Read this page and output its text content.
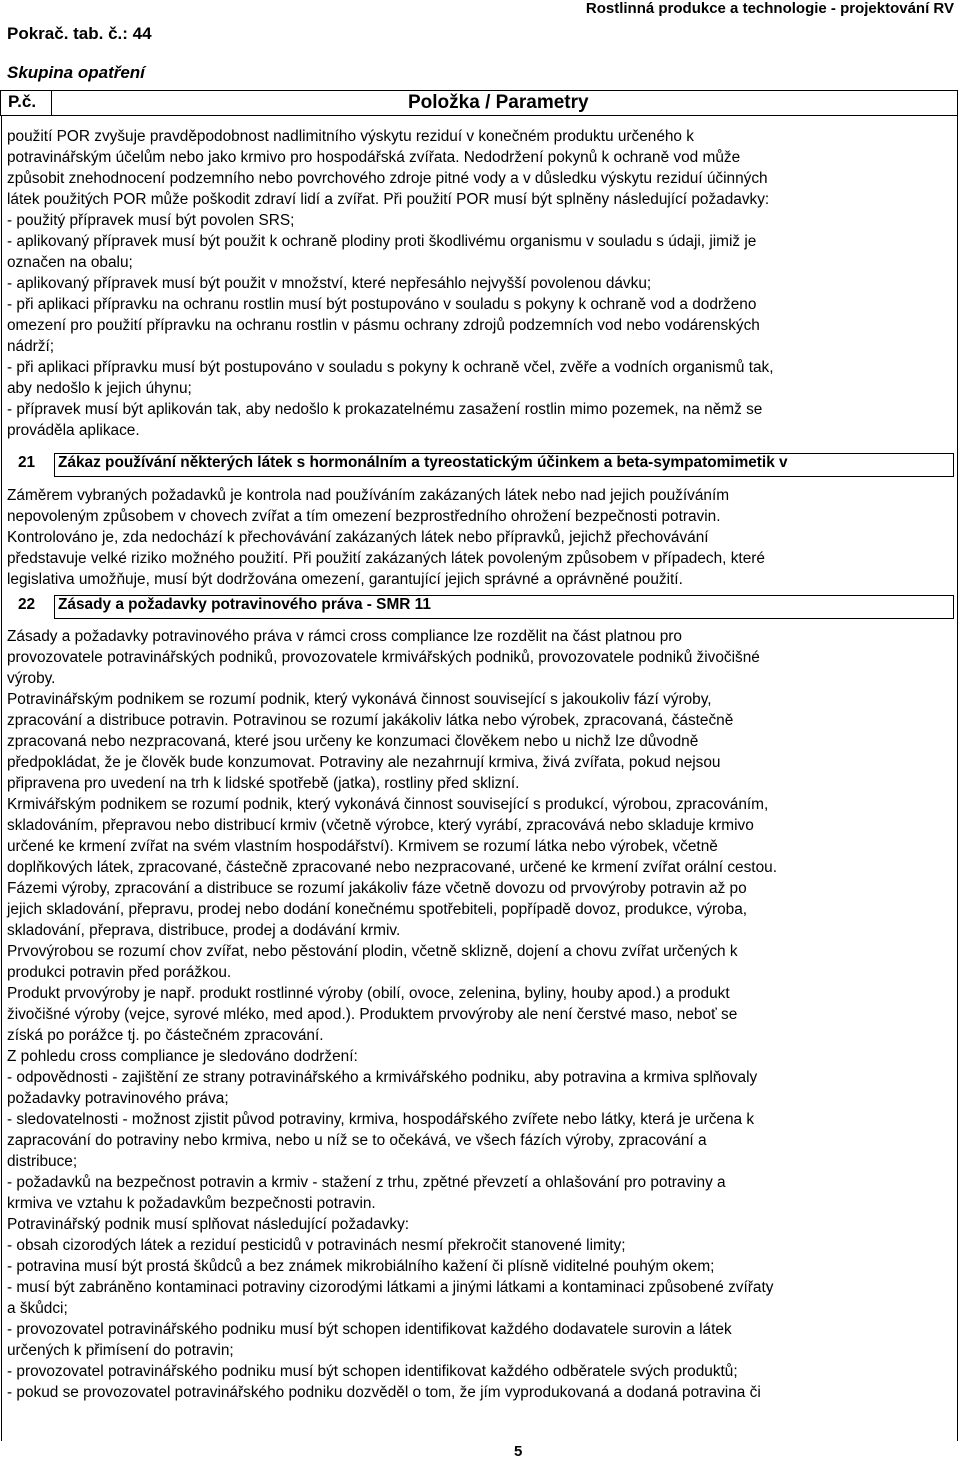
Rostlinná produkce a technologie - projektování RV
Pokrač. tab. č.: 44
Skupina opatření
P.č.	Položka / Parametry

použití POR zvyšuje pravděpodobnost nadlimitního výskytu reziduí v konečném produktu určeného k

potravinářským účelům nebo jako krmivo pro hospodářská zvířata. Nedodržení pokynů k ochraně vod může

způsobit znehodnocení podzemního nebo povrchového zdroje pitné vody a v důsledku výskytu reziduí účinných

látek použitých POR může poškodit zdraví lidí a zvířat. Při použití POR musí být splněny následující požadavky:

- použitý přípravek musí být povolen SRS;

- aplikovaný přípravek musí být použit k ochraně plodiny proti škodlivému organismu v souladu s údaji, jimiž je

označen na obalu;

- aplikovaný přípravek musí být použit v množství, které nepřesáhlo nejvyšší povolenou dávku;

- při aplikaci přípravku na ochranu rostlin musí být postupováno v souladu s pokyny k ochraně vod a dodrženo

omezení pro použití přípravku na ochranu rostlin v pásmu ochrany zdrojů podzemních vod nebo vodárenských

nádrží;

- při aplikaci přípravku musí být postupováno v souladu s pokyny k ochraně včel, zvěře a vodních organismů tak,

aby nedošlo k jejich úhynu;

- přípravek musí být aplikován tak, aby nedošlo k prokazatelnému zasažení rostlin mimo pozemek, na němž se

prováděla aplikace.

21 Zákaz používání některých látek s hormonálním a tyreostatickým účinkem a beta-sympatomimetik v

Záměrem vybraných požadavků je kontrola nad používáním zakázaných látek nebo nad jejich používáním

nepovoleným způsobem v chovech zvířat a tím omezení bezprostředního ohrožení bezpečnosti potravin.

Kontrolováno je, zda nedochází k přechovávání zakázaných látek nebo přípravků, jejichž přechovávání

představuje velké riziko možného použití. Při použití zakázaných látek povoleným způsobem v případech, které

legislativa umožňuje, musí být dodržována omezení, garantující jejich správné a oprávněné použití.

22 Zásady a požadavky potravinového práva - SMR 11

Zásady a požadavky potravinového práva v rámci cross compliance lze rozdělit na část platnou pro

provozovatele potravinářských podniků, provozovatele krmivářských podniků, provozovatele podniků živočišné

výroby.

Potravinářským podnikem se rozumí podnik, který vykonává činnost související s jakoukoliv fází výroby,

zpracování a distribuce potravin. Potravinou se rozumí jakákoliv látka nebo výrobek, zpracovaná, částečně

zpracovaná nebo nezpracovaná, které jsou určeny ke konzumaci člověkem nebo u nichž lze důvodně

předpokládat, že je člověk bude konzumovat. Potraviny ale nezahrnují krmiva, živá zvířata, pokud nejsou

připravena pro uvedení na trh k lidské spotřebě (jatka), rostliny před sklizní.

Krmivářským podnikem se rozumí podnik, který vykonává činnost související s produkcí, výrobou, zpracováním,

skladováním, přepravou nebo distribucí krmiv (včetně výrobce, který vyrábí, zpracovává nebo skladuje krmivo

určené ke krmení zvířat na svém vlastním hospodářství). Krmivem se rozumí látka nebo výrobek, včetně

doplňkových látek, zpracované, částečně zpracované nebo nezpracované, určené ke krmení zvířat orální cestou.

Fázemi výroby, zpracování a distribuce se rozumí jakákoliv fáze včetně dovozu od prvovýroby potravin až po

jejich skladování, přepravu, prodej nebo dodání konečnému spotřebiteli, popřípadě dovoz, produkce, výroba,

skladování, přeprava, distribuce, prodej a dodávání krmiv.

Prvovýrobou se rozumí chov zvířat, nebo pěstování plodin, včetně sklizně, dojení a chovu zvířat určených k

produkci potravin před porážkou.

Produkt prvovýroby je např. produkt rostlinné výroby (obilí, ovoce, zelenina, byliny, houby apod.) a produkt

živočišné výroby (vejce, syrové mléko, med apod.). Produktem prvovýroby ale není čerstvé maso, neboť se

získá po porážce tj. po částečném zpracování.

Z pohledu cross compliance je sledováno dodržení:

- odpovědnosti - zajištění ze strany potravinářského a krmivářského podniku, aby potravina a krmiva splňovaly

požadavky potravinového práva;

- sledovatelnosti - možnost zjistit původ potraviny, krmiva, hospodářského zvířete nebo látky, která je určena k

zapracování do potraviny nebo krmiva, nebo u níž se to očekává, ve všech fázích výroby, zpracování a

distribuce;

- požadavků na bezpečnost potravin a krmiv - stažení z trhu, zpětné převzetí a ohlašování pro potraviny a

krmiva ve vztahu k požadavkům bezpečnosti potravin.

Potravinářský podnik musí splňovat následující požadavky:

- obsah cizorodých látek a reziduí pesticidů v potravinách nesmí překročit stanovené limity;

- potravina musí být prostá škůdců a bez známek mikrobiálního kažení či plísně viditelné pouhým okem;

- musí být zabráněno kontaminaci potraviny cizorodými látkami a jinými látkami a kontaminaci způsobené zvířaty

a škůdci;

- provozovatel potravinářského podniku musí být schopen identifikovat každého dodavatele surovin a látek

určených k přimísení do potravin;

- provozovatel potravinářského podniku musí být schopen identifikovat každého odběratele svých produktů;

- pokud se provozovatel potravinářského podniku dozvěděl o tom, že jím vyprodukovaná a dodaná potravina či

5
